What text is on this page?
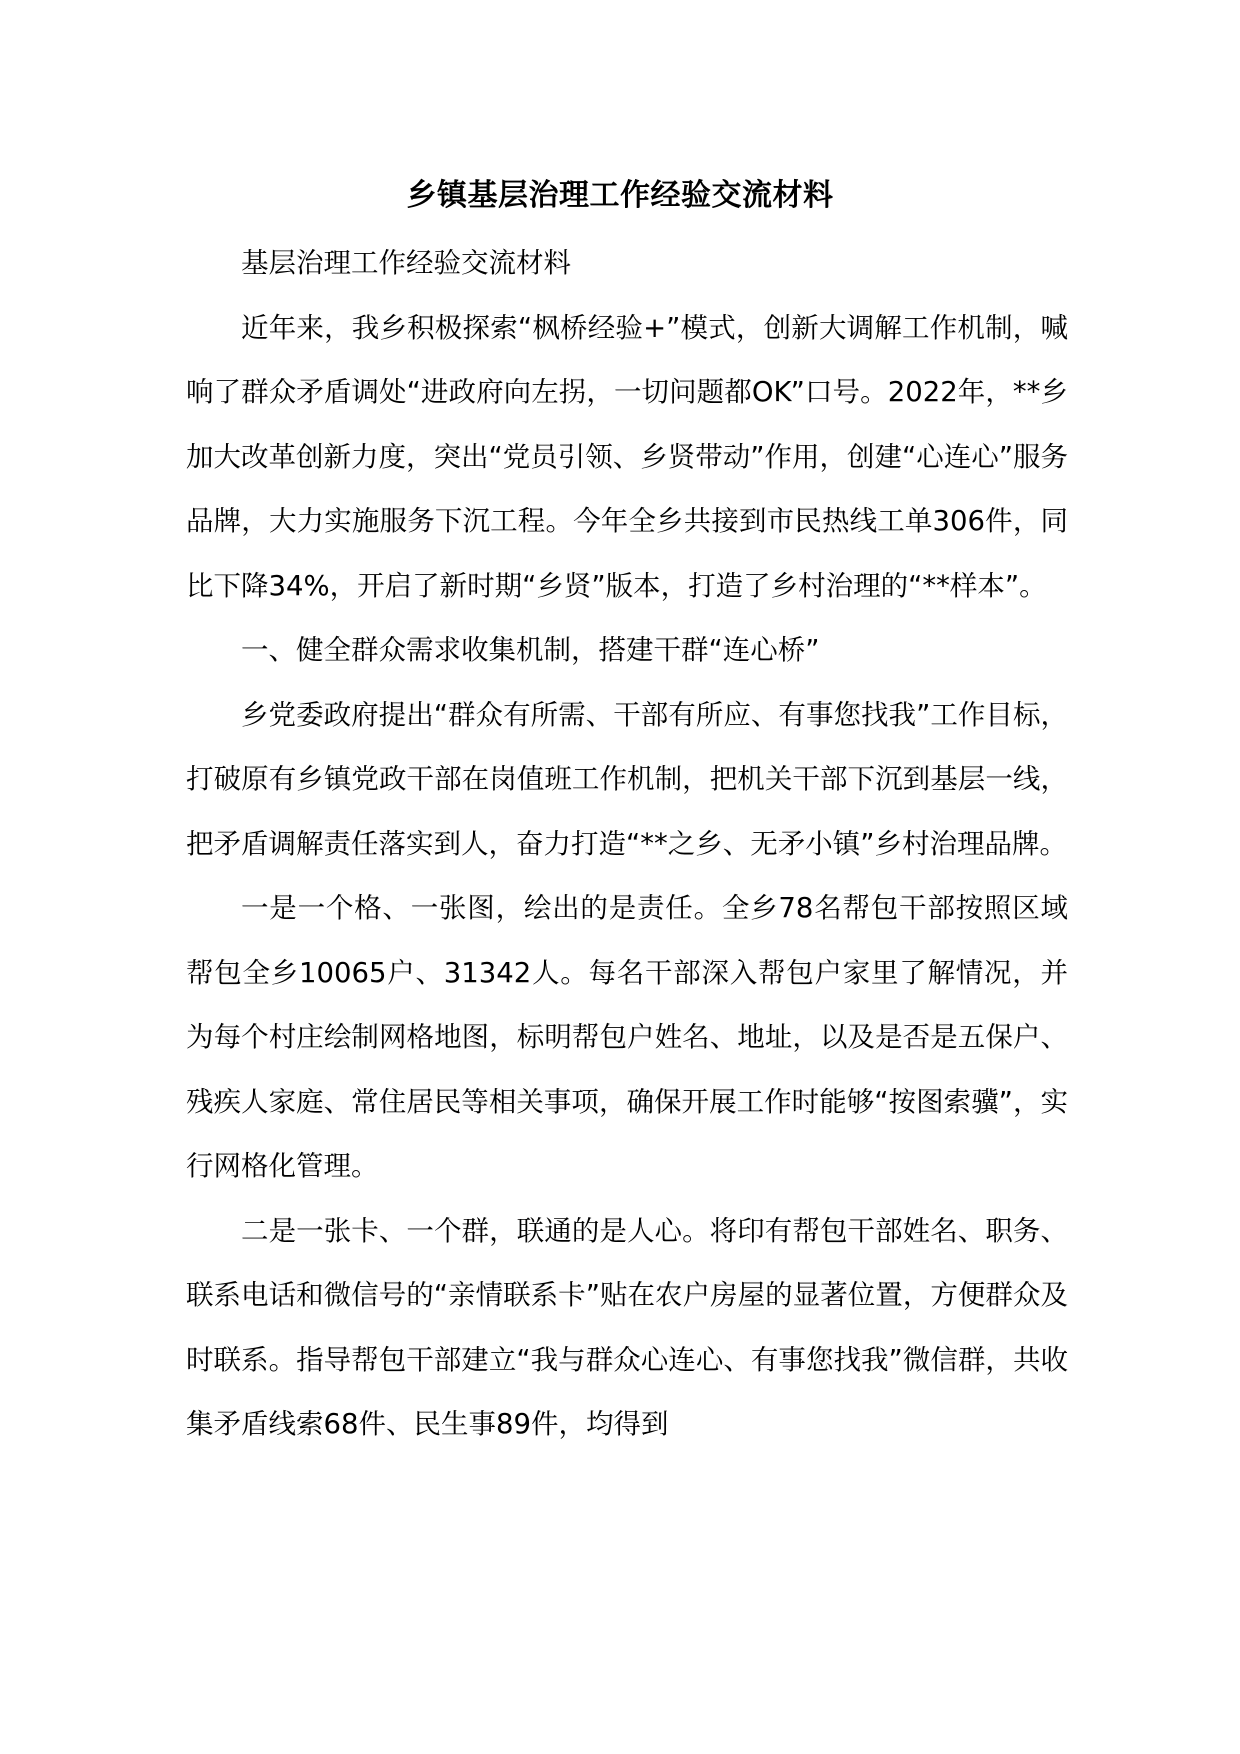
乡镇基层治理工作经验交流材料

基层治理工作经验交流材料

近年来，我乡积极探索“枫桥经验+”模式，创新大调解工作机制，喊响了群众矛盾调处“进政府向左拐，一切问题都OK”口号。2022年，**乡加大改革创新力度，突出“党员引领、乡贤带动”作用，创建“心连心”服务品牌，大力实施服务下沉工程。今年全乡共接到市民热线工单306件，同比下降34%，开启了新时期“乡贤”版本，打造了乡村治理的“**样本”。

一、健全群众需求收集机制，搭建干群“连心桥”

乡党委政府提出“群众有所需、干部有所应、有事您找我”工作目标，打破原有乡镇党政干部在岗值班工作机制，把机关干部下沉到基层一线，把矛盾调解责任落实到人，奋力打造“**之乡、无矛小镇”乡村治理品牌。

一是一个格、一张图，绘出的是责任。全乡78名帮包干部按照区域帮包全乡10065户、31342人。每名干部深入帮包户家里了解情况，并为每个村庄绘制网格地图，标明帮包户姓名、地址，以及是否是五保户、残疾人家庭、常住居民等相关事项，确保开展工作时能够“按图索骥”，实行网格化管理。

二是一张卡、一个群，联通的是人心。将印有帮包干部姓名、职务、联系电话和微信号的“亲情联系卡”贴在农户房屋的显著位置，方便群众及时联系。指导帮包干部建立“我与群众心连心、有事您找我”微信群，共收集矛盾线索68件、民生事89件，均得到
